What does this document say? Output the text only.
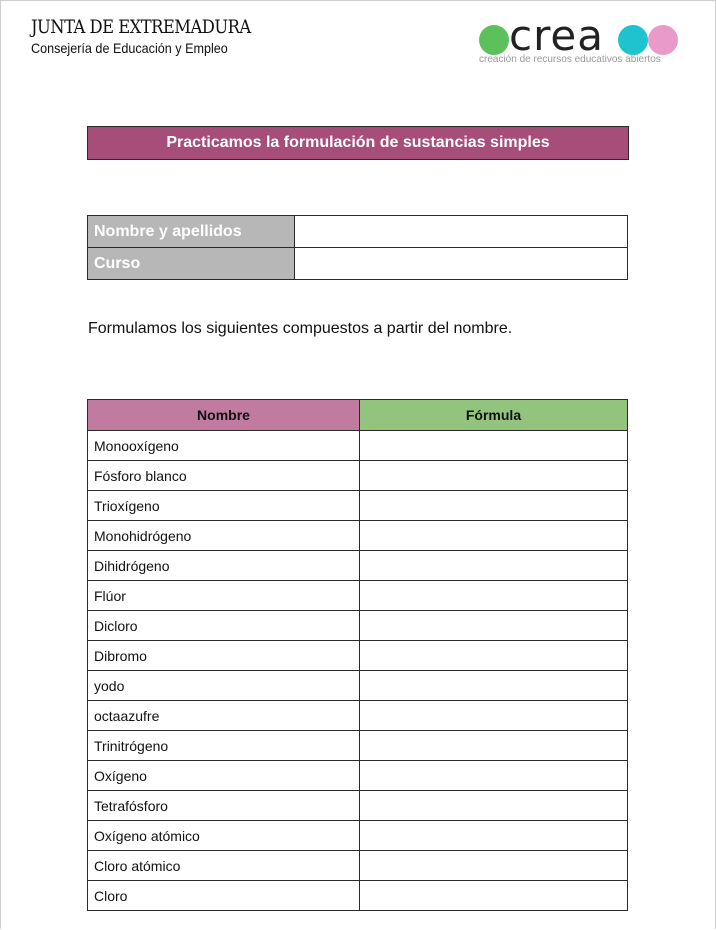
JUNTA DE EXTREMADURA
Consejería de Educación y Empleo	crea
creación de recursos educativos abiertos
Practicamos la formulación de sustancias simples
Nombre y apellidos	
Curso	
Formulamos los siguientes compuestos a partir del nombre.
Nombre	Fórmula
Monooxígeno	
Fósforo blanco	
Trioxígeno	
Monohidrógeno	
Dihidrógeno	
Flúor	
Dicloro	
Dibromo	
yodo	
octaazufre	
Trinitrógeno	
Oxígeno	
Tetrafósforo	
Oxígeno atómico	
Cloro atómico	
Cloro	
